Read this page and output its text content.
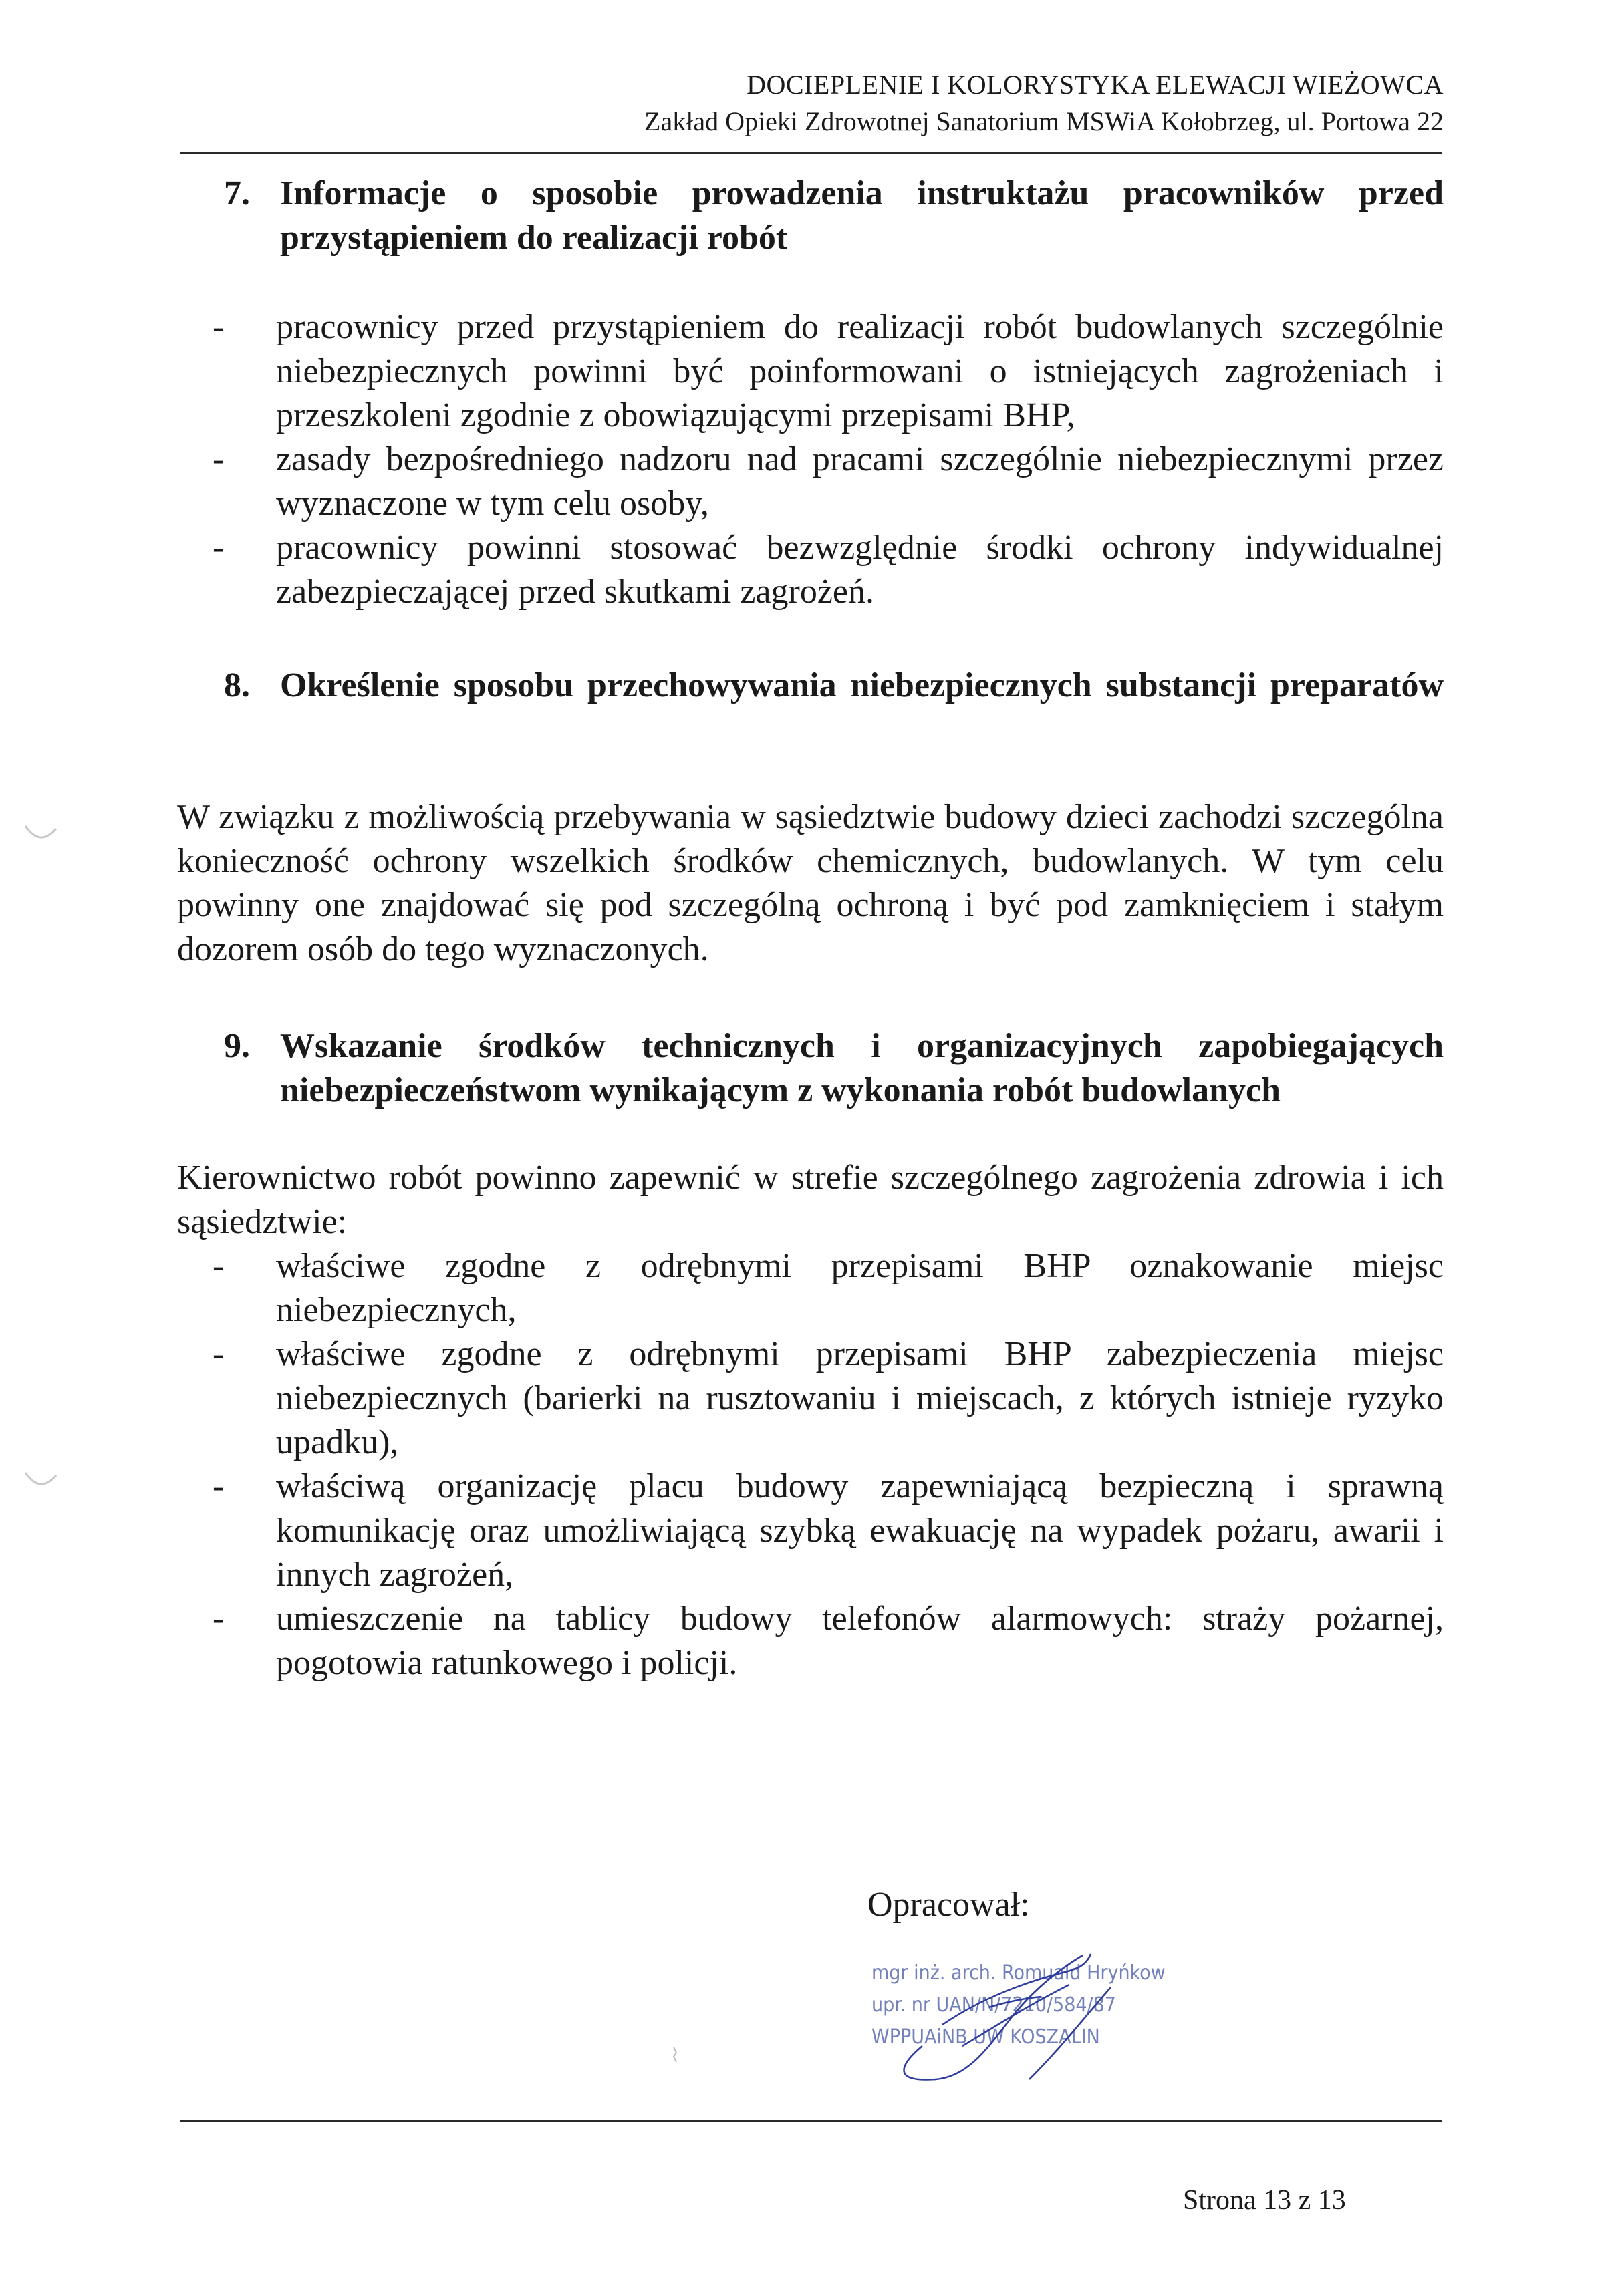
DOCIEPLENIE I KOLORYSTYKA ELEWACJI WIEŻOWCA
Zakład Opieki Zdrowotnej Sanatorium MSWiA Kołobrzeg, ul. Portowa 22
7. Informacje o sposobie prowadzenia instruktażu pracowników przed przystąpieniem do realizacji robót
- pracownicy przed przystąpieniem do realizacji robót budowlanych szczególnie niebezpiecznych powinni być poinformowani o istniejących zagrożeniach i przeszkoleni zgodnie z obowiązującymi przepisami BHP,
- zasady bezpośredniego nadzoru nad pracami szczególnie niebezpiecznymi przez wyznaczone w tym celu osoby,
- pracownicy powinni stosować bezwzględnie środki ochrony indywidualnej zabezpieczającej przed skutkami zagrożeń.
8. Określenie sposobu przechowywania niebezpiecznych substancji preparatów
W związku z możliwością przebywania w sąsiedztwie budowy dzieci zachodzi szczególna konieczność ochrony wszelkich środków chemicznych, budowlanych. W tym celu powinny one znajdować się pod szczególną ochroną i być pod zamknięciem i stałym dozorem osób do tego wyznaczonych.
9. Wskazanie środków technicznych i organizacyjnych zapobiegających niebezpieczeństwom wynikającym z wykonania robót budowlanych
Kierownictwo robót powinno zapewnić w strefie szczególnego zagrożenia zdrowia i ich sąsiedztwie:
- właściwe zgodne z odrębnymi przepisami BHP oznakowanie miejsc niebezpiecznych,
- właściwe zgodne z odrębnymi przepisami BHP zabezpieczenia miejsc niebezpiecznych (barierki na rusztowaniu i miejscach, z których istnieje ryzyko upadku),
- właściwą organizację placu budowy zapewniającą bezpieczną i sprawną komunikację oraz umożliwiającą szybką ewakuację na wypadek pożaru, awarii i innych zagrożeń,
- umieszczenie na tablicy budowy telefonów alarmowych: straży pożarnej, pogotowia ratunkowego i policji.
Opracował:
mgr inż. arch. Romuald Hryńkow
upr. nr UAN/N/7210/584/87
WPPUAiNB UW KOSZALIN
Strona 13 z 13
